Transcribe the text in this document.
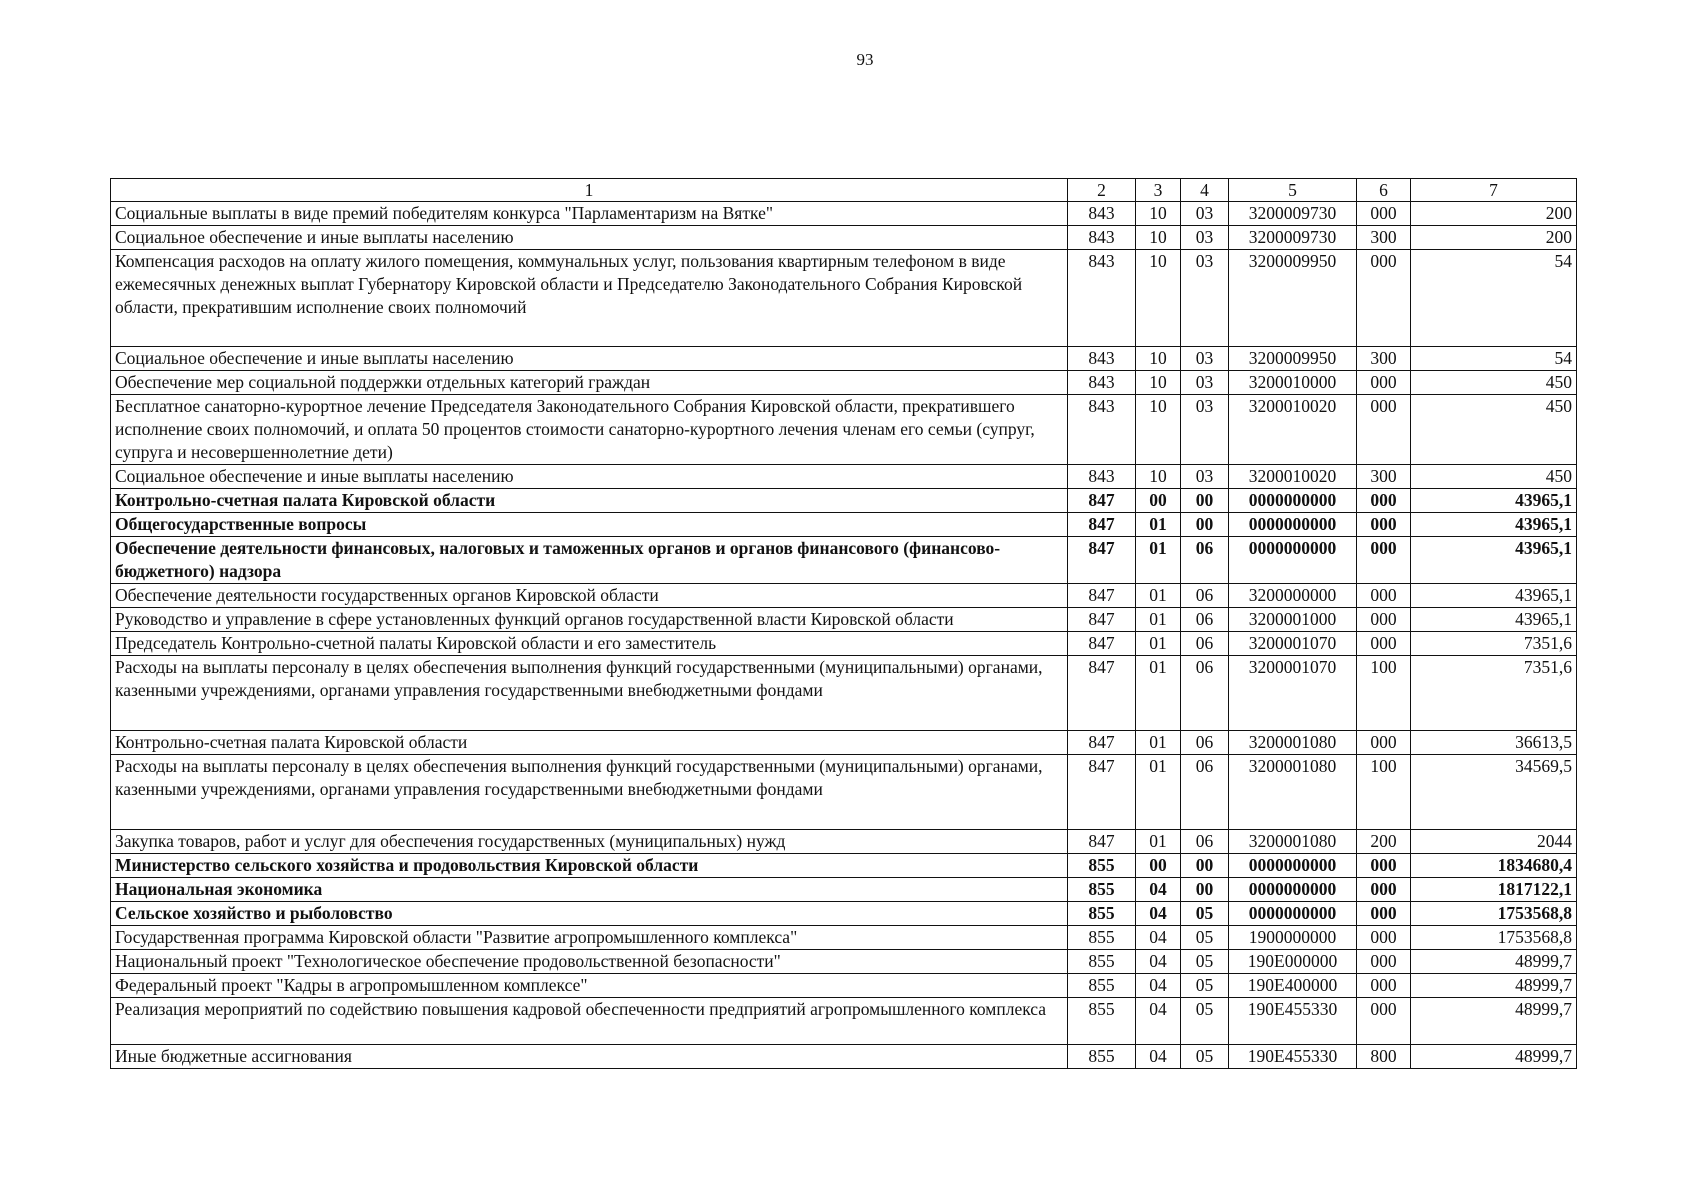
93
1	2	3	4	5	6	7
Социальные выплаты в виде премий победителям конкурса "Парламентаризм на Вятке"	843	10	03	3200009730	000	200
Социальное обеспечение и иные выплаты населению	843	10	03	3200009730	300	200
Компенсация расходов на оплату жилого помещения, коммунальных услуг, пользования квартирным телефоном в виде ежемесячных денежных выплат Губернатору Кировской области и Председателю Законодательного Собрания Кировской области, прекратившим исполнение своих полномочий	843	10	03	3200009950	000	54
Социальное обеспечение и иные выплаты населению	843	10	03	3200009950	300	54
Обеспечение мер социальной поддержки отдельных категорий граждан	843	10	03	3200010000	000	450
Бесплатное санаторно-курортное лечение Председателя Законодательного Собрания Кировской области, прекратившего исполнение своих полномочий, и оплата 50 процентов стоимости санаторно-курортного лечения членам его семьи (супруг, супруга и несовершеннолетние дети)	843	10	03	3200010020	000	450
Социальное обеспечение и иные выплаты населению	843	10	03	3200010020	300	450
Контрольно-счетная палата Кировской области	847	00	00	0000000000	000	43965,1
Общегосударственные вопросы	847	01	00	0000000000	000	43965,1
Обеспечение деятельности финансовых, налоговых и таможенных органов и органов финансового (финансово-бюджетного) надзора	847	01	06	0000000000	000	43965,1
Обеспечение деятельности государственных органов Кировской области	847	01	06	3200000000	000	43965,1
Руководство и управление в сфере установленных функций органов государственной власти Кировской области	847	01	06	3200001000	000	43965,1
Председатель Контрольно-счетной палаты Кировской области и его заместитель	847	01	06	3200001070	000	7351,6
Расходы на выплаты персоналу в целях обеспечения выполнения функций государственными (муниципальными) органами, казенными учреждениями, органами управления государственными внебюджетными фондами	847	01	06	3200001070	100	7351,6
Контрольно-счетная палата Кировской области	847	01	06	3200001080	000	36613,5
Расходы на выплаты персоналу в целях обеспечения выполнения функций государственными (муниципальными) органами, казенными учреждениями, органами управления государственными внебюджетными фондами	847	01	06	3200001080	100	34569,5
Закупка товаров, работ и услуг для обеспечения государственных (муниципальных) нужд	847	01	06	3200001080	200	2044
Министерство сельского хозяйства и продовольствия Кировской области	855	00	00	0000000000	000	1834680,4
Национальная экономика	855	04	00	0000000000	000	1817122,1
Сельское хозяйство и рыболовство	855	04	05	0000000000	000	1753568,8
Государственная программа Кировской области "Развитие агропромышленного комплекса"	855	04	05	1900000000	000	1753568,8
Национальный проект "Технологическое обеспечение продовольственной безопасности"	855	04	05	190E000000	000	48999,7
Федеральный проект "Кадры в агропромышленном комплексе"	855	04	05	190E400000	000	48999,7
Реализация мероприятий по содействию повышения кадровой обеспеченности предприятий агропромышленного комплекса	855	04	05	190E455330	000	48999,7
Иные бюджетные ассигнования	855	04	05	190E455330	800	48999,7
